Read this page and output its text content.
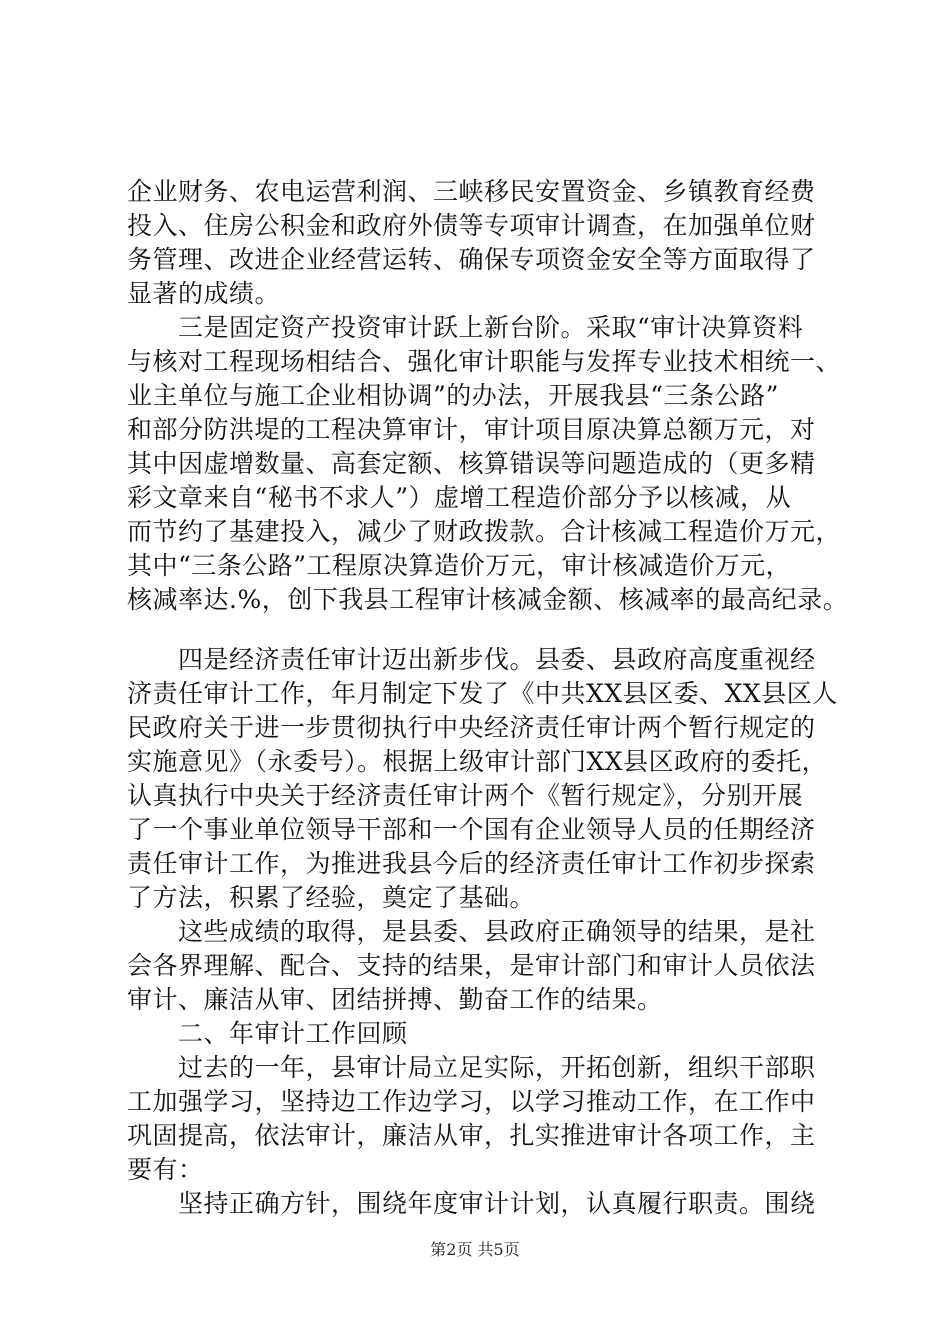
企业财务、农电运营利润、三峡移民安置资金、乡镇教育经费
投入、住房公积金和政府外债等专项审计调查，在加强单位财
务管理、改进企业经营运转、确保专项资金安全等方面取得了
显著的成绩。
　　三是固定资产投资审计跃上新台阶。采取“审计决算资料
与核对工程现场相结合、强化审计职能与发挥专业技术相统一、
业主单位与施工企业相协调”的办法，开展我县“三条公路”
和部分防洪堤的工程决算审计，审计项目原决算总额万元，对
其中因虚增数量、高套定额、核算错误等问题造成的（更多精
彩文章来自“秘书不求人”）虚增工程造价部分予以核减，从
而节约了基建投入，减少了财政拨款。合计核减工程造价万元，
其中“三条公路”工程原决算造价万元，审计核减造价万元，
核减率达.%，创下我县工程审计核减金额、核减率的最高纪录。
　　四是经济责任审计迈出新步伐。县委、县政府高度重视经
济责任审计工作，年月制定下发了《中共XX县区委、XX县区人
民政府关于进一步贯彻执行中央经济责任审计两个暂行规定的
实施意见》（永委号）。根据上级审计部门XX县区政府的委托，
认真执行中央关于经济责任审计两个《暂行规定》，分别开展
了一个事业单位领导干部和一个国有企业领导人员的任期经济
责任审计工作，为推进我县今后的经济责任审计工作初步探索
了方法，积累了经验，奠定了基础。
　　这些成绩的取得，是县委、县政府正确领导的结果，是社
会各界理解、配合、支持的结果，是审计部门和审计人员依法
审计、廉洁从审、团结拼搏、勤奋工作的结果。
　　二、年审计工作回顾
　　过去的一年，县审计局立足实际，开拓创新，组织干部职
工加强学习，坚持边工作边学习，以学习推动工作，在工作中
巩固提高，依法审计，廉洁从审，扎实推进审计各项工作，主
要有：
　　坚持正确方针，围绕年度审计计划，认真履行职责。围绕
第2页 共5页
